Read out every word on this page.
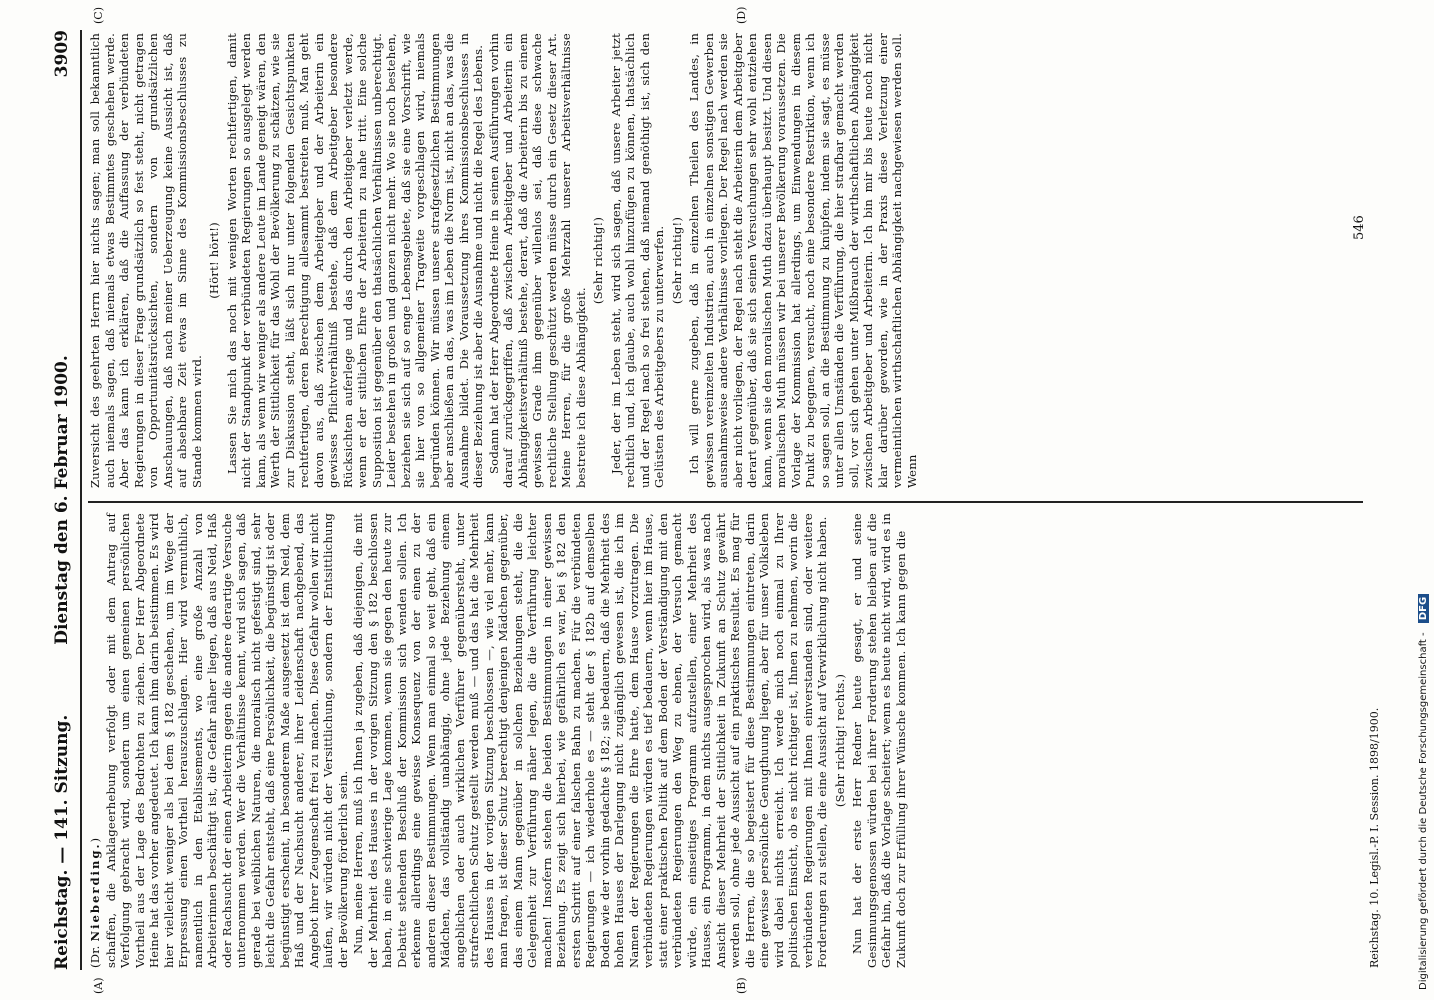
Reichstag. — 141. Sitzung.
Dienstag den 6. Februar 1900.
3909
(A)	(B)
(C)	(D)

(Dr. Nieberding.) schaffen, die Anklageerhebung verfolgt oder mit dem Antrag auf Verfolgung gebracht wird, sondern um einen gemeinen persönlichen Vortheil aus der Lage des Bedrohten zu ziehen. Der Herr Abgeordnete Heine hat das vorher angedeutet. Ich kann ihm darin beistimmen. Es wird hier vielleicht weniger als bei dem § 182 geschehen, um im Wege der Erpressung einen Vortheil herauszuschlagen. Hier wird vermuthlich, namentlich in den Etablissements, wo eine große Anzahl von Arbeiterinnen beschäftigt ist, die Gefahr näher liegen, daß aus Neid, Haß oder Rachsucht der einen Arbeiterin gegen die andere derartige Versuche unternommen werden. Wer die Verhältnisse kennt, wird sich sagen, daß gerade bei weiblichen Naturen, die moralisch nicht gefestigt sind, sehr leicht die Gefahr entsteht, daß eine Persönlichkeit, die begünstigt ist oder begünstigt erscheint, in besonderem Maße ausgesetzt ist dem Neid, dem Haß und der Nachsucht anderer, ihrer Leidenschaft nachgebend, das Angebot ihrer Zeugenschaft frei zu machen. Diese Gefahr wollen wir nicht laufen, wir würden nicht der Versittlichung, sondern der Entsittlichung der Bevölkerung förderlich sein. Nun, meine Herren, muß ich Ihnen ja zugeben, daß diejenigen, die mit der Mehrheit des Hauses in der vorigen Sitzung den § 182 beschlossen haben, in eine schwierige Lage kommen, wenn sie gegen den heute zur Debatte stehenden Beschluß der Kommission sich wenden sollen. Ich erkenne allerdings eine gewisse Konsequenz von der einen zu der anderen dieser Bestimmungen. Wenn man einmal so weit geht, daß ein Mädchen, das vollständig unabhängig, ohne jede Beziehung einem angeblichen oder auch wirklichen Verführer gegenübersteht, unter strafrechtlichen Schutz gestellt werden muß — und das hat die Mehrheit des Hauses in der vorigen Sitzung beschlossen —, wie viel mehr, kann man fragen, ist dieser Schutz berechtigt denjenigen Mädchen gegenüber, das einem Mann gegenüber in solchen Beziehungen steht, die die Gelegenheit zur Verführung näher legen, die die Verführung leichter machen! Insofern stehen die beiden Bestimmungen in einer gewissen Beziehung. Es zeigt sich hierbei, wie gefährlich es war, bei § 182 den ersten Schritt auf einer falschen Bahn zu machen. Für die verbündeten Regierungen — ich wiederhole es — steht der § 182b auf demselben Boden wie der vorhin gedachte § 182; sie bedauern, daß die Mehrheit des hohen Hauses der Darlegung nicht zugänglich gewesen ist, die ich im Namen der Regierungen die Ehre hatte, dem Hause vorzutragen. Die verbündeten Regierungen würden es tief bedauern, wenn hier im Hause, statt einer praktischen Politik auf dem Boden der Verständigung mit den verbündeten Regierungen den Weg zu ebnen, der Versuch gemacht würde, ein einseitiges Programm aufzustellen, einer Mehrheit des Hauses, ein Programm, in dem nichts ausgesprochen wird, als was nach Ansicht dieser Mehrheit der Sittlichkeit in Zukunft an Schutz gewährt werden soll, ohne jede Aussicht auf ein praktisches Resultat. Es mag für die Herren, die so begeistert für diese Bestimmungen eintreten, darin eine gewisse persönliche Genugthuung liegen, aber für unser Volksleben wird dabei nichts erreicht. Ich werde mich noch einmal zu Ihrer politischen Einsicht, ob es nicht richtiger ist, Ihnen zu nehmen, worin die verbündeten Regierungen mit Ihnen einverstanden sind, oder weitere Forderungen zu stellen, die eine Aussicht auf Verwirklichung nicht haben. (Sehr richtig! rechts.) Nun hat der erste Herr Redner heute gesagt, er und seine Gesinnungsgenossen würden bei ihrer Forderung stehen bleiben auf die Gefahr hin, daß die Vorlage scheitert; wenn es heute nicht wird, wird es in Zukunft doch zur Erfüllung ihrer Wünsche kommen. Ich kann gegen die

Zuversicht des geehrten Herrn hier nichts sagen; man soll bekanntlich auch niemals sagen, daß niemals etwas Bestimmtes geschehen werde. Aber das kann ich erklären, daß die Auffassung der verbündeten Regierungen in dieser Frage grundsätzlich so fest steht, nicht getragen von Opportunitätsrücksichten, sondern von grundsätzlichen Anschauungen, daß nach meiner Ueberzeugung keine Aussicht ist, daß auf absehbare Zeit etwas im Sinne des Kommissionsbeschlusses zu Stande kommen wird.

(Hört! hört!) Lassen Sie mich das noch mit wenigen Worten rechtfertigen, damit nicht der Standpunkt der verbündeten Regierungen so ausgelegt werden kann, als wenn wir weniger als andere Leute im Lande geneigt wären, den Werth der Sittlichkeit für das Wohl der Bevölkerung zu schätzen, wie sie zur Diskussion steht, läßt sich nur unter folgenden Gesichtspunkten rechtfertigen, deren Berechtigung allesammt bestreiten muß. Man geht davon aus, daß zwischen dem Arbeitgeber und der Arbeiterin ein gewisses Pflichtverhältniß bestehe, daß dem Arbeitgeber besondere Rücksichten auferlege und das durch den Arbeitgeber verletzt werde, wenn er der sittlichen Ehre der Arbeiterin zu nahe tritt. Eine solche Supposition ist gegenüber den thatsächlichen Verhältnissen unberechtigt. Leider bestehen in großen und ganzen nicht mehr. Wo sie noch bestehen, beziehen sie sich auf so enge Lebensgebiete, daß sie eine Vorschrift, wie sie hier von so allgemeiner Tragweite vorgeschlagen wird, niemals begründen können. Wir müssen unsere strafgesetzlichen Bestimmungen aber anschließen an das, was im Leben die Norm ist, nicht an das, was die Ausnahme bildet. Die Voraussetzung ihres Kommissionsbeschlusses in dieser Beziehung ist aber die Ausnahme und nicht die Regel des Lebens. Sodann hat der Herr Abgeordnete Heine in seinen Ausführungen vorhin darauf zurückgegriffen, daß zwischen Arbeitgeber und Arbeiterin ein Abhängigkeitsverhältniß bestehe, derart, daß die Arbeiterin bis zu einem gewissen Grade ihm gegenüber willenlos sei, daß diese schwache rechtliche Stellung geschützt werden müsse durch ein Gesetz dieser Art. Meine Herren, für die große Mehrzahl unserer Arbeitsverhältnisse bestreite ich diese Abhängigkeit.

(Sehr richtig!) Jeder, der im Leben steht, wird sich sagen, daß unsere Arbeiter jetzt rechtlich und, ich glaube, auch wohl hinzufügen zu können, thatsächlich und der Regel nach so frei stehen, daß niemand genöthigt ist, sich den Gelüsten des Arbeitgebers zu unterwerfen. (Sehr richtig!) Ich will gerne zugeben, daß in einzelnen Theilen des Landes, in gewissen vereinzelten Industrien, auch in einzelnen sonstigen Gewerben ausnahmsweise andere Verhältnisse vorliegen. Der Regel nach werden sie aber nicht vorliegen, der Regel nach steht die Arbeiterin dem Arbeitgeber derart gegenüber, daß sie sich seinen Versuchungen sehr wohl entziehen kann, wenn sie den moralischen Muth dazu überhaupt besitzt. Und diesen moralischen Muth müssen wir bei unserer Bevölkerung voraussetzen. Die Vorlage der Kommission hat allerdings, um Einwendungen in diesem Punkt zu begegnen, versucht, noch eine besondere Restriktion, wenn ich so sagen soll, an die Bestimmung zu knüpfen, indem sie sagt, es müsse unter allen Umständen die Verführung, die hier strafbar gemacht werden soll, vor sich gehen unter Mißbrauch der wirthschaftlichen Abhängigkeit zwischen Arbeitgeber und Arbeiterin. Ich bin mir bis heute noch nicht klar darüber geworden, wie in der Praxis diese Verletzung einer vermeintlichen wirthschaftlichen Abhängigkeit nachgewiesen werden soll. Wenn

Reichstag. 10. Legisl.-P. I. Session. 1898/1900.
546
Digitalisierung gefördert durch die Deutsche Forschungsgemeinschaft - DFG
